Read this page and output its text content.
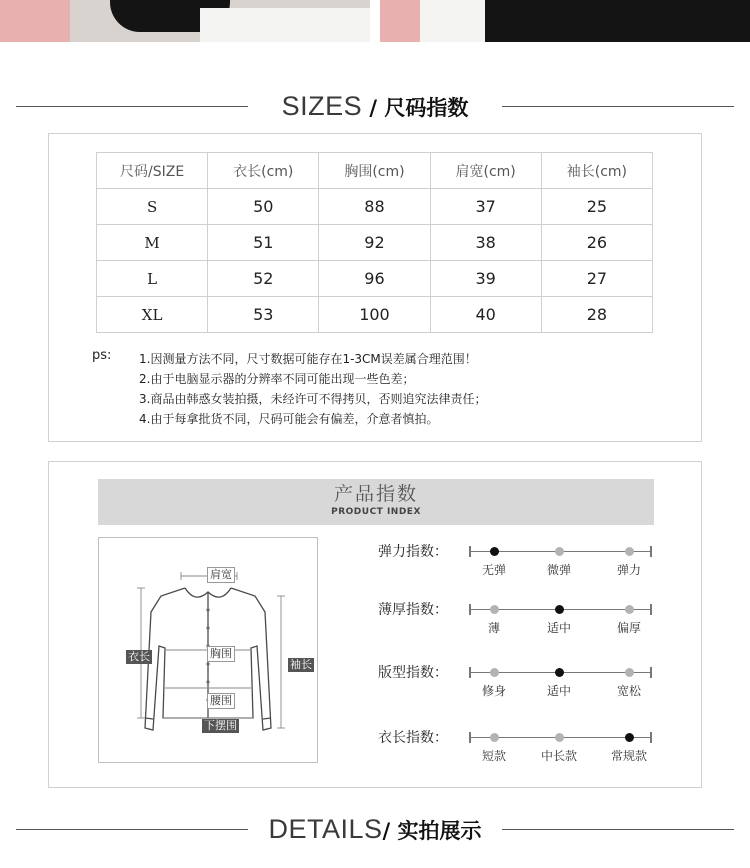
SIZES / 尺码指数
尺码/SIZE	衣长(cm)	胸围(cm)	肩宽(cm)	袖长(cm)
S	50	88	37	25
M	51	92	38	26
L	52	96	39	27
XL	53	100	40	28
ps: 1.因测量方法不同，尺寸数据可能存在1-3CM误差属合理范围！
2.由于电脑显示器的分辨率不同可能出现一些色差；
3.商品由韩惑女装拍摄，未经许可不得拷贝，否则追究法律责任；
4.由于每拿批货不同，尺码可能会有偏差，介意者慎拍。
产品指数
PRODUCT INDEX
肩宽
衣长	胸围
袖长
腰围
下摆围
弹力指数：
无弹	微弹	弹力
薄厚指数：
薄	适中	偏厚
版型指数：
修身	适中	宽松
衣长指数：
短款	中长款	常规款
DETAILS/ 实拍展示
